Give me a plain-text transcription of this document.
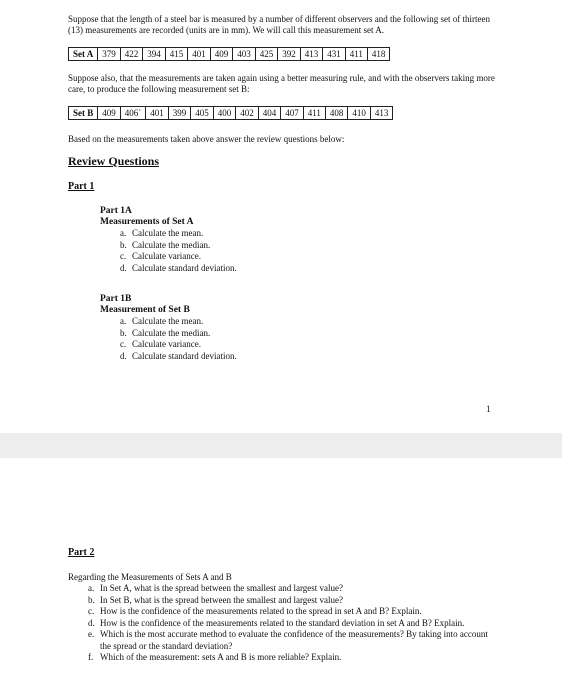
Suppose that the length of a steel bar is measured by a number of different observers and the following set of thirteen (13) measurements are recorded (units are in mm). We will call this measurement set A.
Set A	379	422	394	415	401	409	403	425	392	413	431	411	418
Suppose also, that the measurements are taken again using a better measuring rule, and with the observers taking more care, to produce the following measurement set B:
Set B	409	406`	401	399	405	400	402	404	407	411	408	410	413
Based on the measurements taken above answer the review questions below:
Review Questions
Part 1
Part 1A
Measurements of Set A
a. Calculate the mean.
b. Calculate the median.
c. Calculate variance.
d. Calculate standard deviation.
Part 1B
Measurement of Set B
a. Calculate the mean.
b. Calculate the median.
c. Calculate variance.
d. Calculate standard deviation.
1
Part 2
Regarding the Measurements of Sets A and B
a. In Set A, what is the spread between the smallest and largest value?
b. In Set B, what is the spread between the smallest and largest value?
c. How is the confidence of the measurements related to the spread in set A and B? Explain.
d. How is the confidence of the measurements related to the standard deviation in set A and B? Explain.
e. Which is the most accurate method to evaluate the confidence of the measurements? By taking into account the spread or the standard deviation?
f. Which of the measurement: sets A and B is more reliable? Explain.
